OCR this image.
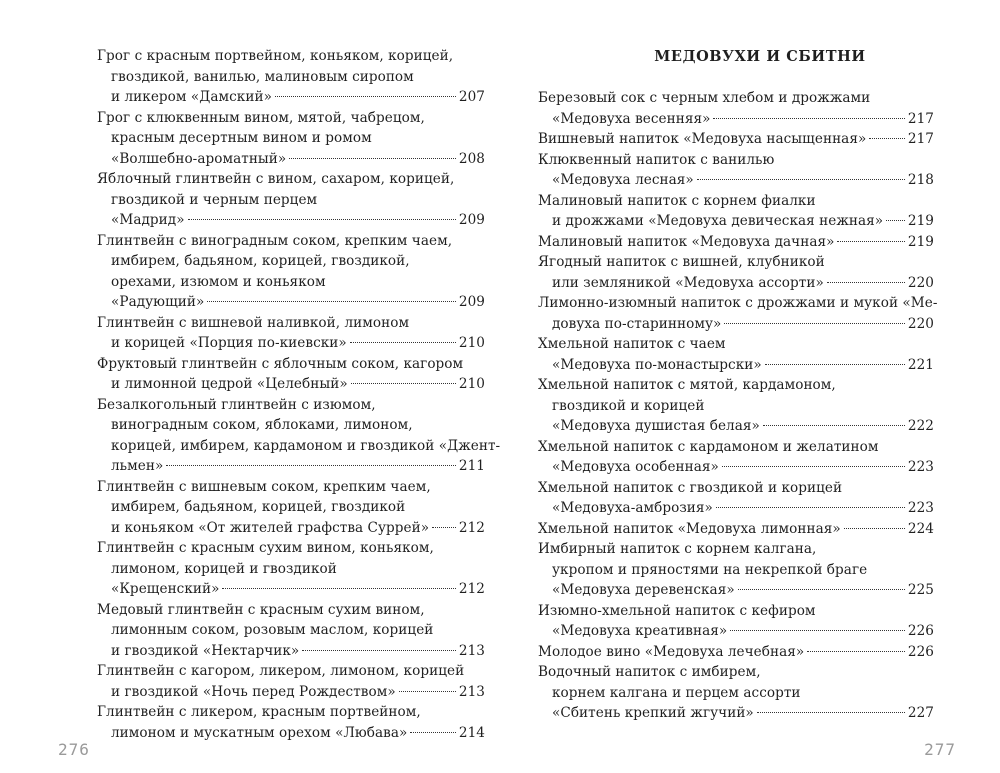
Грог с красным портвейном, коньяком, корицей,
гвоздикой, ванилью, малиновым сиропом
и ликером «Дамский»	207
Грог с клюквенным вином, мятой, чабрецом,
красным десертным вином и ромом
«Волшебно-ароматный»	208
Яблочный глинтвейн с вином, сахаром, корицей,
гвоздикой и черным перцем
«Мадрид»	209
Глинтвейн с виноградным соком, крепким чаем,
имбирем, бадьяном, корицей, гвоздикой,
орехами, изюмом и коньяком
«Радующий»	209
Глинтвейн с вишневой наливкой, лимоном
и корицей «Порция по-киевски»	210
Фруктовый глинтвейн с яблочным соком, кагором
и лимонной цедрой «Целебный»	210
Безалкогольный глинтвейн с изюмом,
виноградным соком, яблоками, лимоном,
корицей, имбирем, кардамоном и гвоздикой «Джент-
льмен»	211
Глинтвейн с вишневым соком, крепким чаем,
имбирем, бадьяном, корицей, гвоздикой
и коньяком «От жителей графства Суррей» 212
Глинтвейн с красным сухим вином, коньяком,
лимоном, корицей и гвоздикой
«Крещенский»	212
Медовый глинтвейн с красным сухим вином,
лимонным соком, розовым маслом, корицей
и гвоздикой «Нектарчик»	213
Глинтвейн с кагором, ликером, лимоном, корицей
и гвоздикой «Ночь перед Рождеством»	213
Глинтвейн с ликером, красным портвейном,
лимоном и мускатным орехом «Любава»	214
276
МЕДОВУХИ И СБИТНИ
Березовый сок с черным хлебом и дрожжами
«Медовуха весенняя»	217
Вишневый напиток «Медовуха насыщенная»	217
Клюквенный напиток с ванилью
«Медовуха лесная»	218
Малиновый напиток с корнем фиалки
и дрожжами «Медовуха девическая нежная» 219
Малиновый напиток «Медовуха дачная»	219
Ягодный напиток с вишней, клубникой
или земляникой «Медовуха ассорти»	220
Лимонно-изюмный напиток с дрожжами и мукой «Ме-
довуха по-старинному»	220
Хмельной напиток с чаем
«Медовуха по-монастырски»	221
Хмельной напиток с мятой, кардамоном,
гвоздикой и корицей
«Медовуха душистая белая»	222
Хмельной напиток с кардамоном и желатином
«Медовуха особенная»	223
Хмельной напиток с гвоздикой и корицей
«Медовуха-амброзия»	223
Хмельной напиток «Медовуха лимонная»	224
Имбирный напиток с корнем калгана,
укропом и пряностями на некрепкой браге
«Медовуха деревенская»	225
Изюмно-хмельной напиток с кефиром
«Медовуха креативная»	226
Молодое вино «Медовуха лечебная»	226
Водочный напиток с имбирем,
корнем калгана и перцем ассорти
«Сбитень крепкий жгучий»	227
277
